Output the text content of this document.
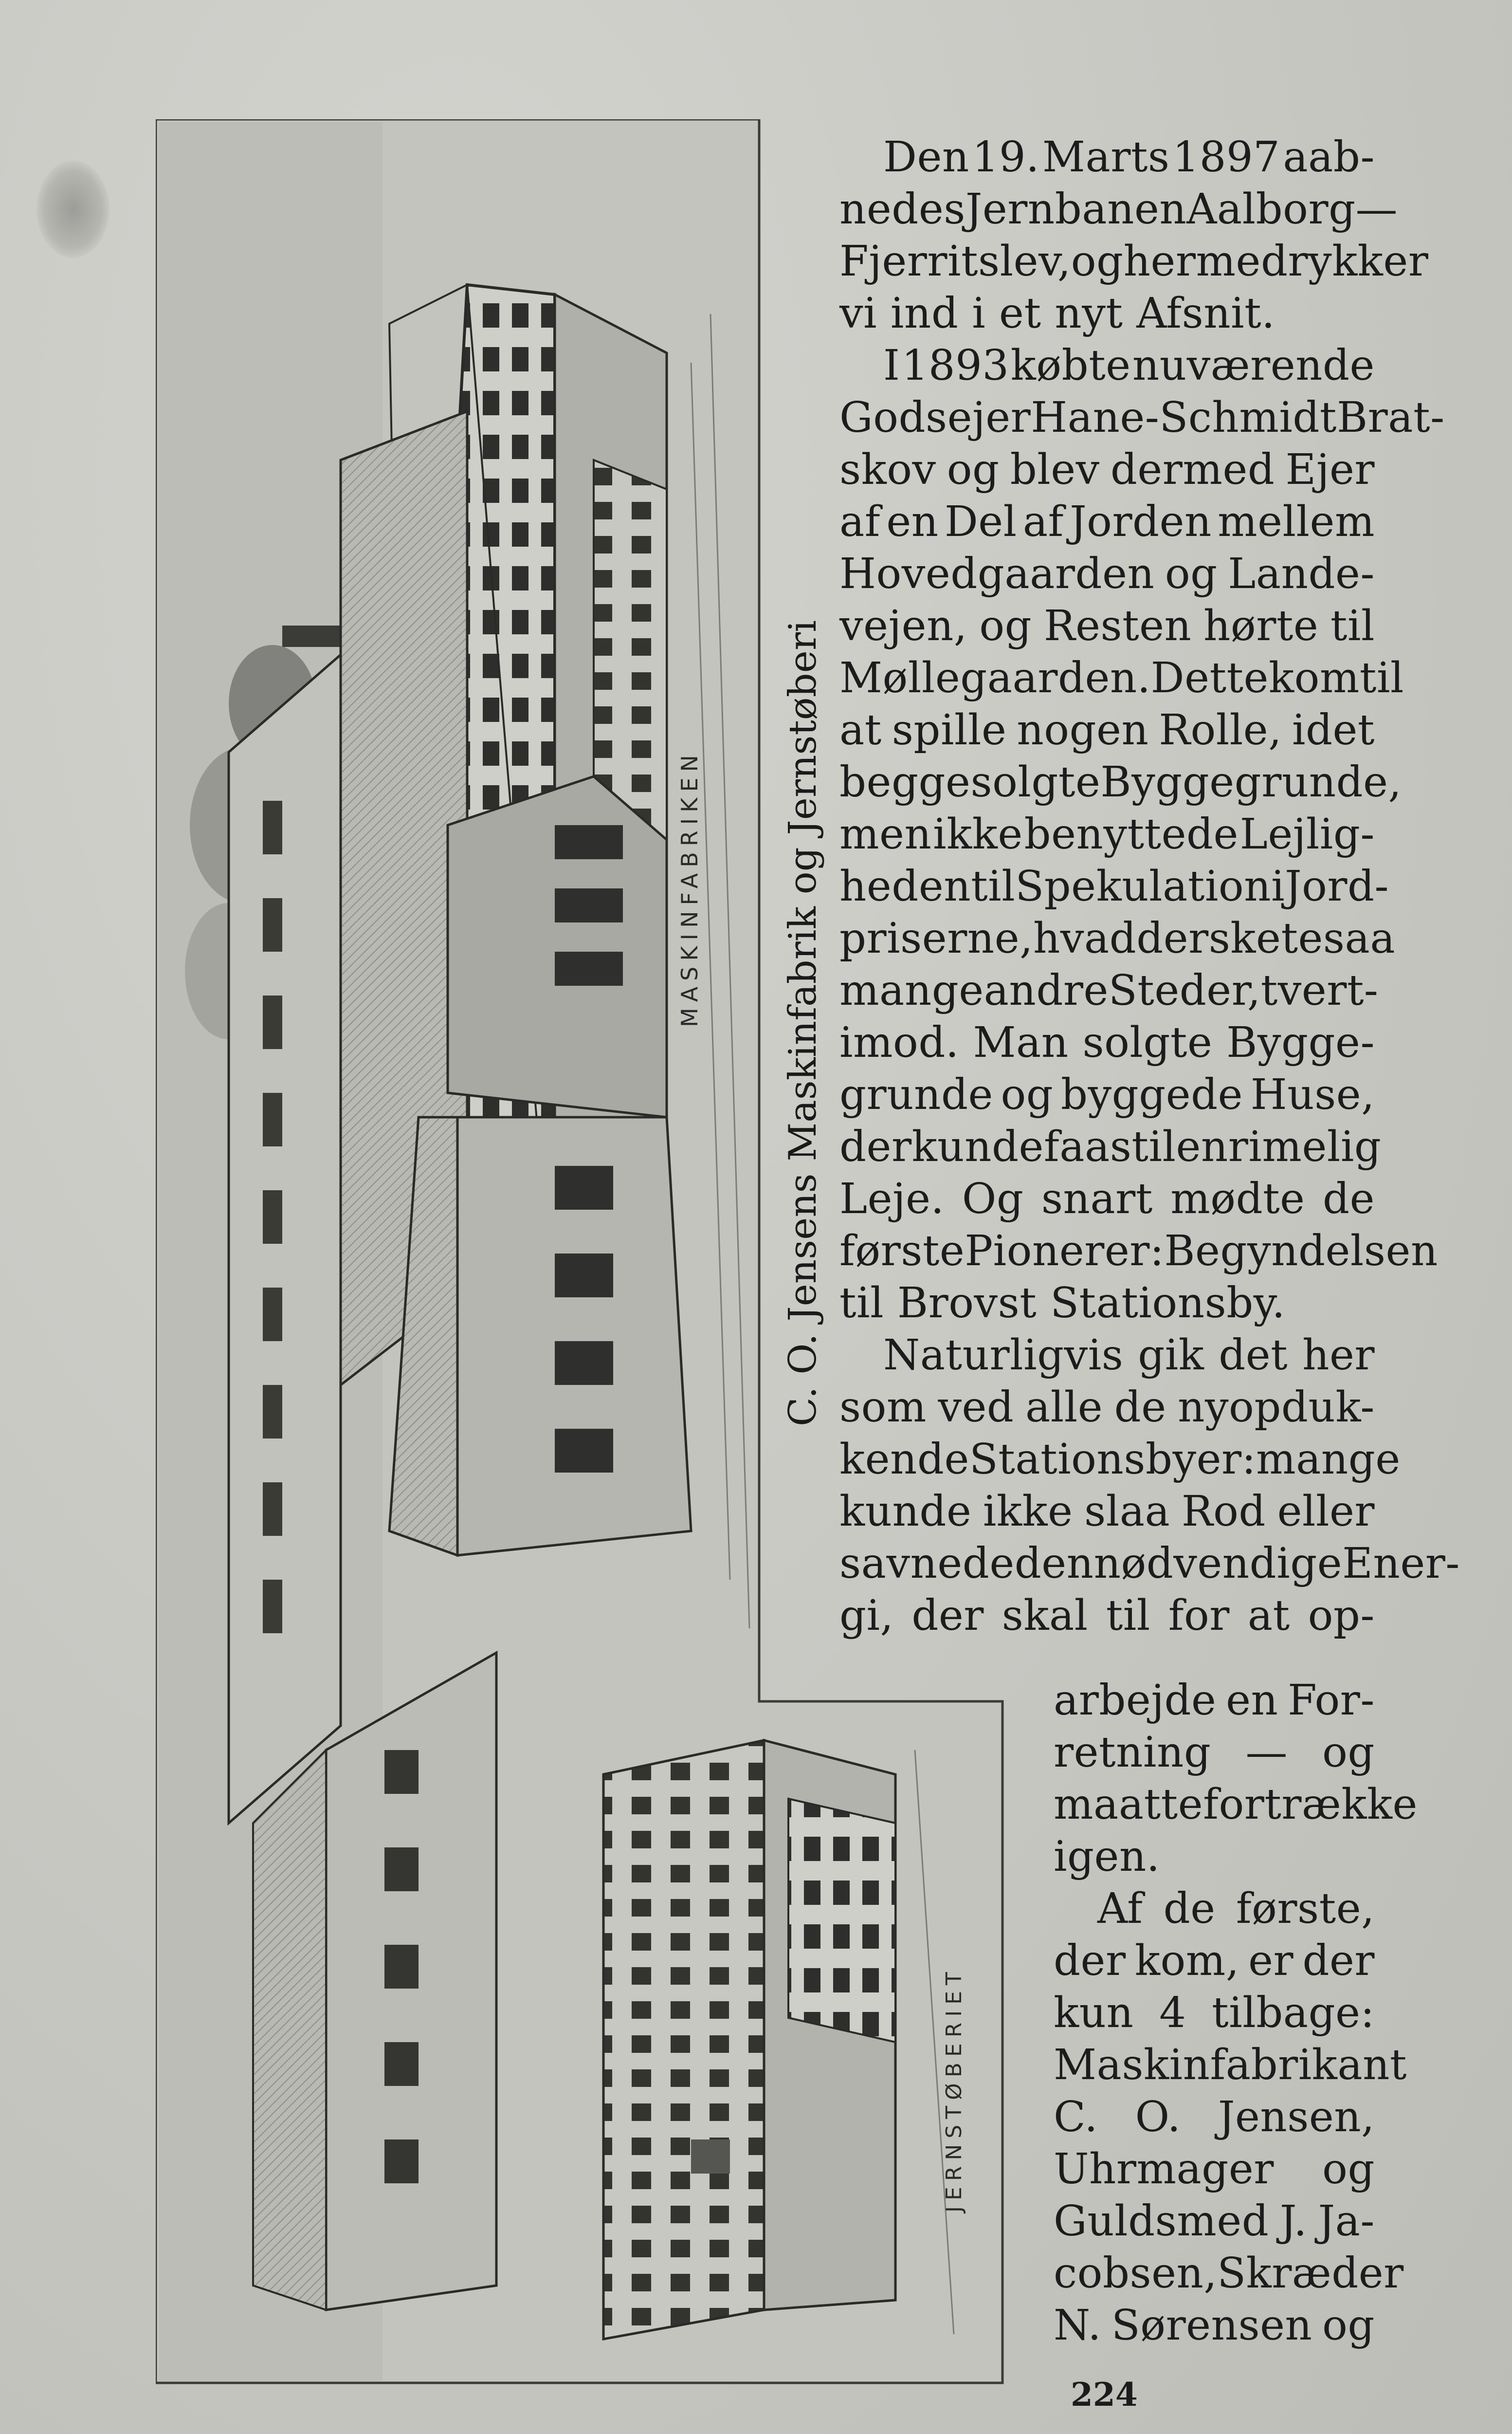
MASKINFABRIKEN
JERNSTØBERIET
C. O. Jensens Maskinfabrik og Jernstøberi
Den 19. Marts 1897 aab-
nedes Jernbanen Aalborg—
Fjerritslev, og hermed rykker
vi ind i et nyt Afsnit.
I 1893 købte nuværende
Godsejer Hane-Schmidt Brat-
skov og blev dermed Ejer
af en Del af Jorden mellem
Hovedgaarden og Lande-
vejen, og Resten hørte til
Møllegaarden. Dette kom til
at spille nogen Rolle, idet
begge solgte Byggegrunde,
men ikke benyttede Lejlig-
heden til Spekulation i Jord-
priserne, hvad der skete saa
mange andre Steder, tvert-
imod. Man solgte Bygge-
grunde og byggede Huse,
der kunde faas til en rimelig
Leje. Og snart mødte de
første Pionerer: Begyndelsen
til Brovst Stationsby.
Naturligvis gik det her
som ved alle de nyopduk-
kende Stationsbyer: mange
kunde ikke slaa Rod eller
savnede den nødvendige Ener-
gi, der skal til for at op-
arbejde en For-
retning — og
maatte fortrække
igen.
Af de første,
der kom, er der
kun 4 tilbage:
Maskinfabrikant
C. O. Jensen,
Uhrmager og
Guldsmed J. Ja-
cobsen, Skræder
N. Sørensen og
224
